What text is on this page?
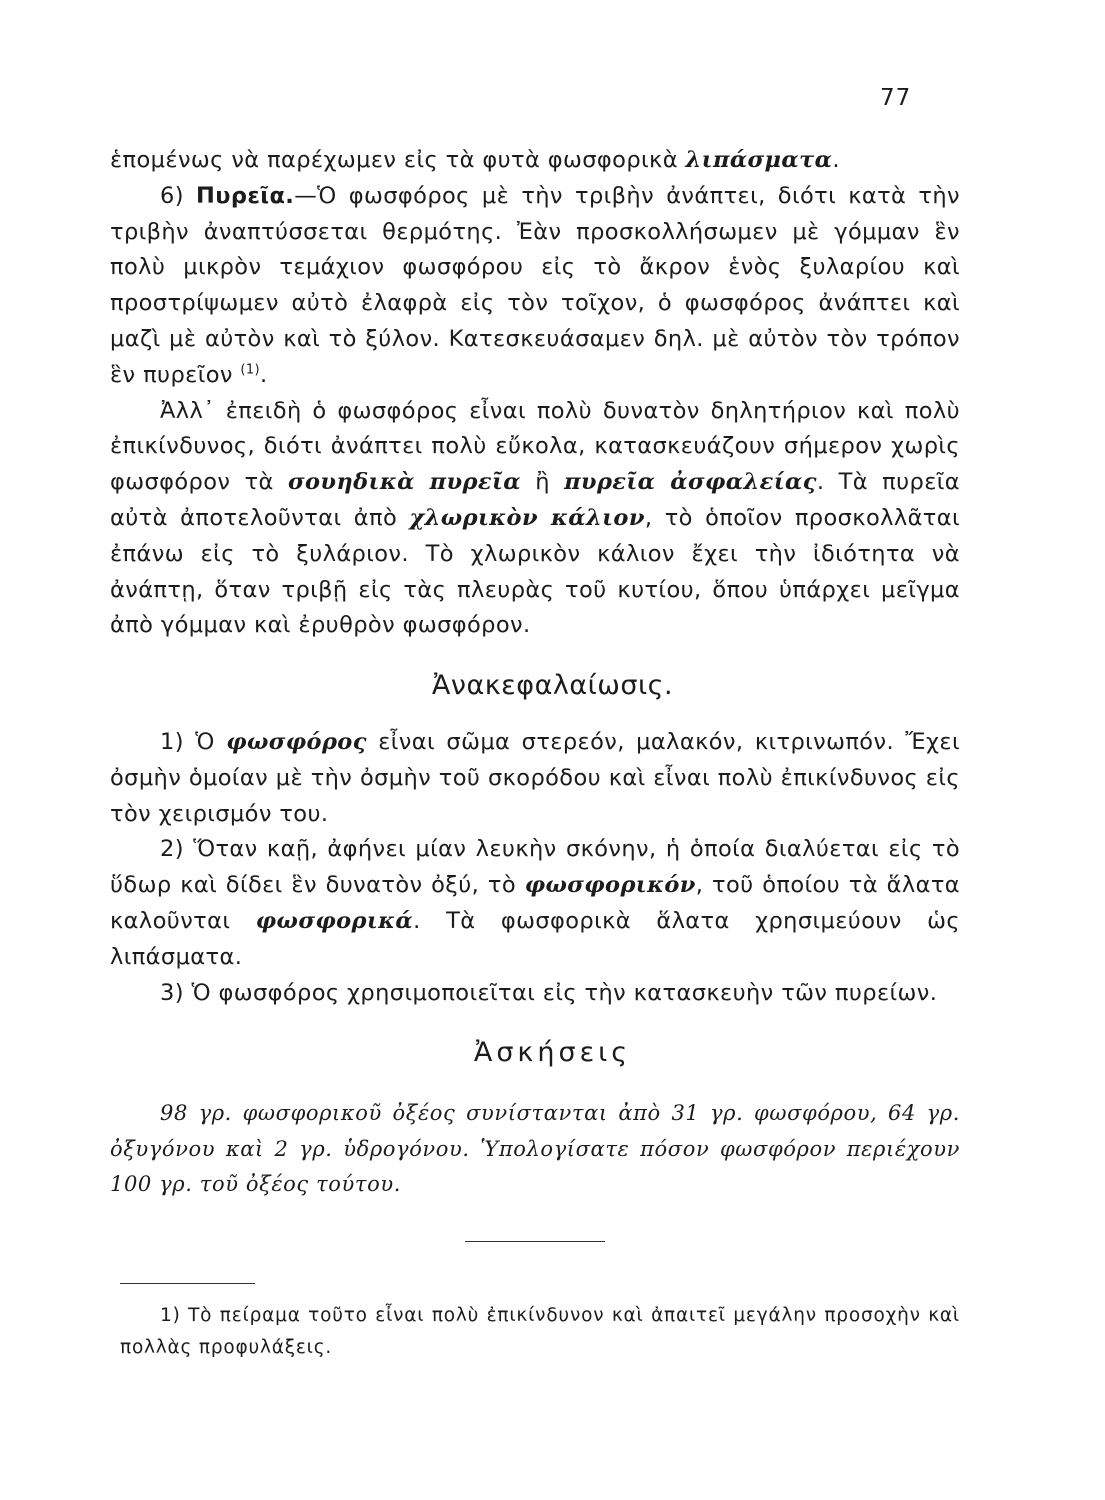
77

ἑπομένως νὰ παρέχωμεν εἰς τὰ φυτὰ φωσφορικὰ λιπάσματα.

6) Πυρεῖα.—Ὁ φωσφόρος μὲ τὴν τριβὴν ἀνάπτει, διότι κατὰ τὴν τριβὴν ἀναπτύσσεται θερμότης. Ἐὰν προσκολλήσωμεν μὲ γόμμαν ἓν πολὺ μικρὸν τεμάχιον φωσφόρου εἰς τὸ ἄκρον ἑνὸς ξυλαρίου καὶ προστρίψωμεν αὐτὸ ἐλαφρὰ εἰς τὸν τοῖχον, ὁ φωσφόρος ἀνάπτει καὶ μαζὶ μὲ αὐτὸν καὶ τὸ ξύλον. Κατεσκευάσαμεν δηλ. μὲ αὐτὸν τὸν τρόπον ἓν πυρεῖον $^{(1)}$.

Ἀλλ᾽ ἐπειδὴ ὁ φωσφόρος εἶναι πολὺ δυνατὸν δηλητήριον καὶ πολὺ ἐπικίνδυνος, διότι ἀνάπτει πολὺ εὔκολα, κατασκευάζουν σήμερον χωρὶς φωσφόρον τὰ σουηδικὰ πυρεῖα ἢ πυρεῖα ἀσφαλείας. Τὰ πυρεῖα αὐτὰ ἀποτελοῦνται ἀπὸ χλωρικὸν κάλιον, τὸ ὁποῖον προσκολλᾶται ἐπάνω εἰς τὸ ξυλάριον. Τὸ χλωρικὸν κάλιον ἔχει τὴν ἰδιότητα νὰ ἀνάπτῃ, ὅταν τριβῇ εἰς τὰς πλευρὰς τοῦ κυτίου, ὅπου ὑπάρχει μεῖγμα ἀπὸ γόμμαν καὶ ἐρυθρὸν φωσφόρον.

Ἀνακεφαλαίωσις.

1) Ὁ φωσφόρος εἶναι σῶμα στερεόν, μαλακόν, κιτρινωπόν. Ἔχει ὀσμὴν ὁμοίαν μὲ τὴν ὀσμὴν τοῦ σκορόδου καὶ εἶναι πολὺ ἐπικίνδυνος εἰς τὸν χειρισμόν του.

2) Ὅταν καῇ, ἀφήνει μίαν λευκὴν σκόνην, ἡ ὁποία διαλύεται εἰς τὸ ὕδωρ καὶ δίδει ἓν δυνατὸν ὀξύ, τὸ φωσφορικόν, τοῦ ὁποίου τὰ ἅλατα καλοῦνται φωσφορικά. Τὰ φωσφορικὰ ἅλατα χρησιμεύουν ὡς λιπάσματα.

3) Ὁ φωσφόρος χρησιμοποιεῖται εἰς τὴν κατασκευὴν τῶν πυρείων.

Ἀσκήσεις

98 γρ. φωσφορικοῦ ὀξέος συνίστανται ἀπὸ 31 γρ. φωσφόρου, 64 γρ. ὀξυγόνου καὶ 2 γρ. ὑδρογόνου. Ὑπολογίσατε πόσον φωσφόρον περιέχουν 100 γρ. τοῦ ὀξέος τούτου.

1) Τὸ πείραμα τοῦτο εἶναι πολὺ ἐπικίνδυνον καὶ ἀπαιτεῖ μεγάλην προσοχὴν καὶ πολλὰς προφυλάξεις.
